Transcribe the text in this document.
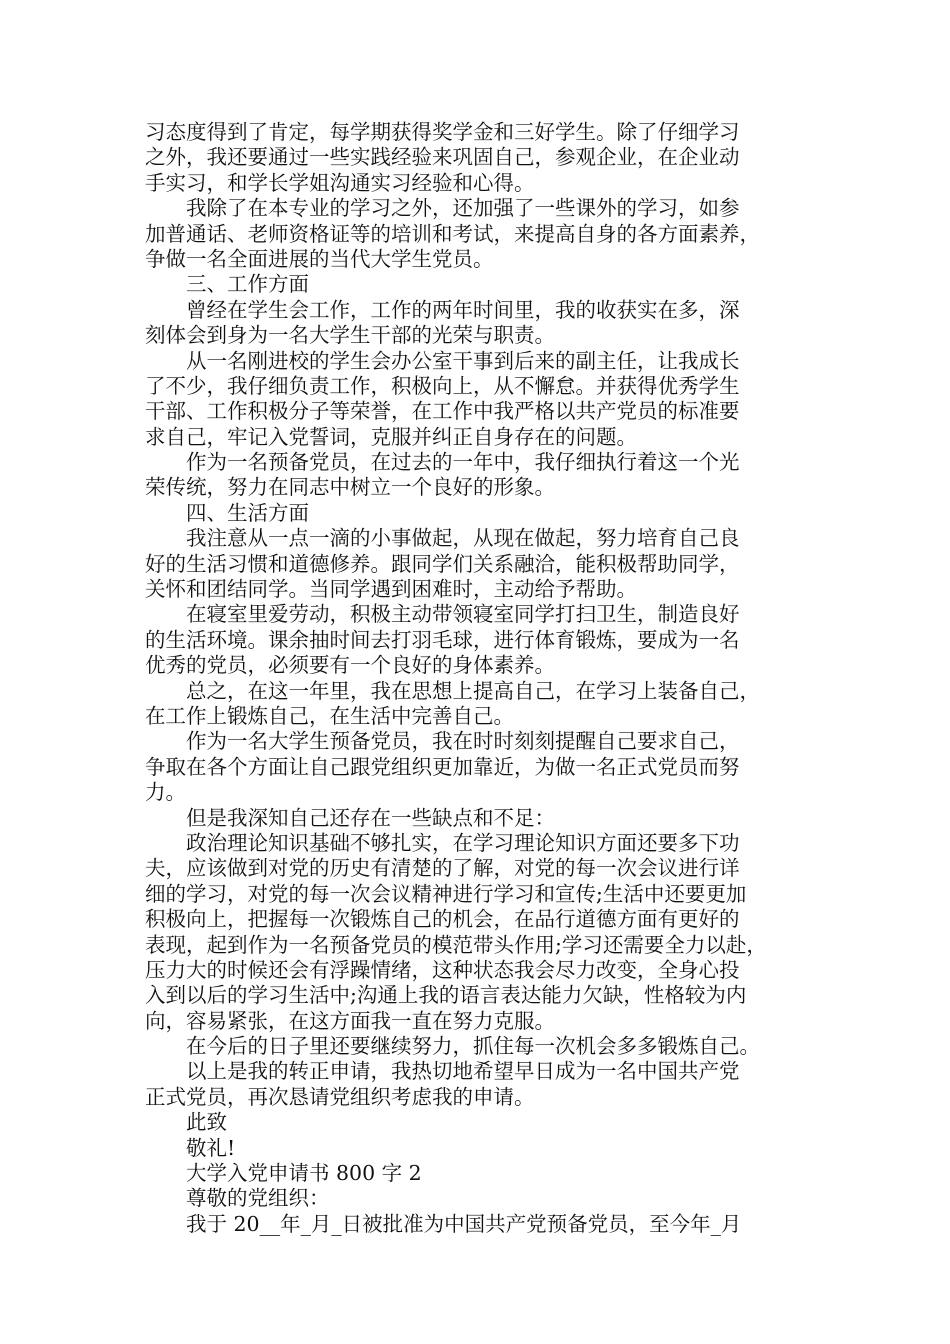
习态度得到了肯定，每学期获得奖学金和三好学生。除了仔细学习
之外，我还要通过一些实践经验来巩固自己，参观企业，在企业动
手实习，和学长学姐沟通实习经验和心得。
　　我除了在本专业的学习之外，还加强了一些课外的学习，如参
加普通话、老师资格证等的培训和考试，来提高自身的各方面素养，
争做一名全面进展的当代大学生党员。
　　三、工作方面
　　曾经在学生会工作，工作的两年时间里，我的收获实在多，深
刻体会到身为一名大学生干部的光荣与职责。
　　从一名刚进校的学生会办公室干事到后来的副主任，让我成长
了不少，我仔细负责工作，积极向上，从不懈怠。并获得优秀学生
干部、工作积极分子等荣誉，在工作中我严格以共产党员的标准要
求自己，牢记入党誓词，克服并纠正自身存在的问题。
　　作为一名预备党员，在过去的一年中，我仔细执行着这一个光
荣传统，努力在同志中树立一个良好的形象。
　　四、生活方面
　　我注意从一点一滴的小事做起，从现在做起，努力培育自己良
好的生活习惯和道德修养。跟同学们关系融洽，能积极帮助同学，
关怀和团结同学。当同学遇到困难时，主动给予帮助。
　　在寝室里爱劳动，积极主动带领寝室同学打扫卫生，制造良好
的生活环境。课余抽时间去打羽毛球，进行体育锻炼，要成为一名
优秀的党员，必须要有一个良好的身体素养。
　　总之，在这一年里，我在思想上提高自己，在学习上装备自己，
在工作上锻炼自己，在生活中完善自己。
　　作为一名大学生预备党员，我在时时刻刻提醒自己要求自己，
争取在各个方面让自己跟党组织更加靠近，为做一名正式党员而努
力。
　　但是我深知自己还存在一些缺点和不足：
　　政治理论知识基础不够扎实，在学习理论知识方面还要多下功
夫，应该做到对党的历史有清楚的了解，对党的每一次会议进行详
细的学习，对党的每一次会议精神进行学习和宣传;生活中还要更加
积极向上，把握每一次锻炼自己的机会，在品行道德方面有更好的
表现，起到作为一名预备党员的模范带头作用;学习还需要全力以赴，
压力大的时候还会有浮躁情绪，这种状态我会尽力改变，全身心投
入到以后的学习生活中;沟通上我的语言表达能力欠缺，性格较为内
向，容易紧张，在这方面我一直在努力克服。
　　在今后的日子里还要继续努力，抓住每一次机会多多锻炼自己。
　　以上是我的转正申请，我热切地希望早日成为一名中国共产党
正式党员，再次恳请党组织考虑我的申请。
　　此致
　　敬礼!
　　大学入党申请书 800 字 2
　　尊敬的党组织：
　　我于 20__年_月_日被批准为中国共产党预备党员，至今年_月
